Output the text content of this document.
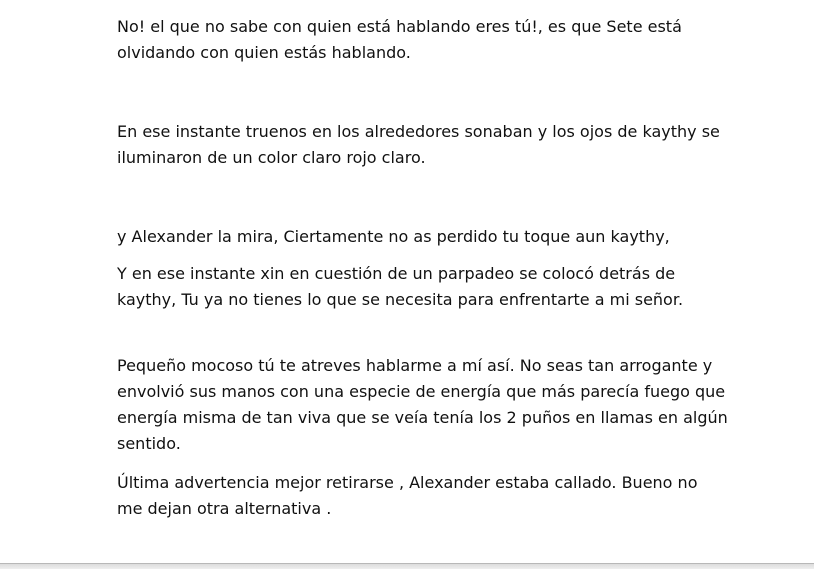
No! el que no sabe con quien está hablando eres tú!, es que Sete está
olvidando con quien estás hablando.

En ese instante truenos en los alrededores sonaban y los ojos de kaythy se
iluminaron de un color claro rojo claro.

y Alexander la mira, Ciertamente no as perdido tu toque aun kaythy,

Y en ese instante xin en cuestión de un parpadeo se colocó detrás de
kaythy, Tu ya no tienes lo que se necesita para enfrentarte a mi señor.

Pequeño mocoso tú te atreves hablarme a mí así. No seas tan arrogante y
envolvió sus manos con una especie de energía que más parecía fuego que
energía misma de tan viva que se veía tenía los 2 puños en llamas en algún
sentido.

Última advertencia mejor retirarse , Alexander estaba callado. Bueno no
me dejan otra alternativa .
